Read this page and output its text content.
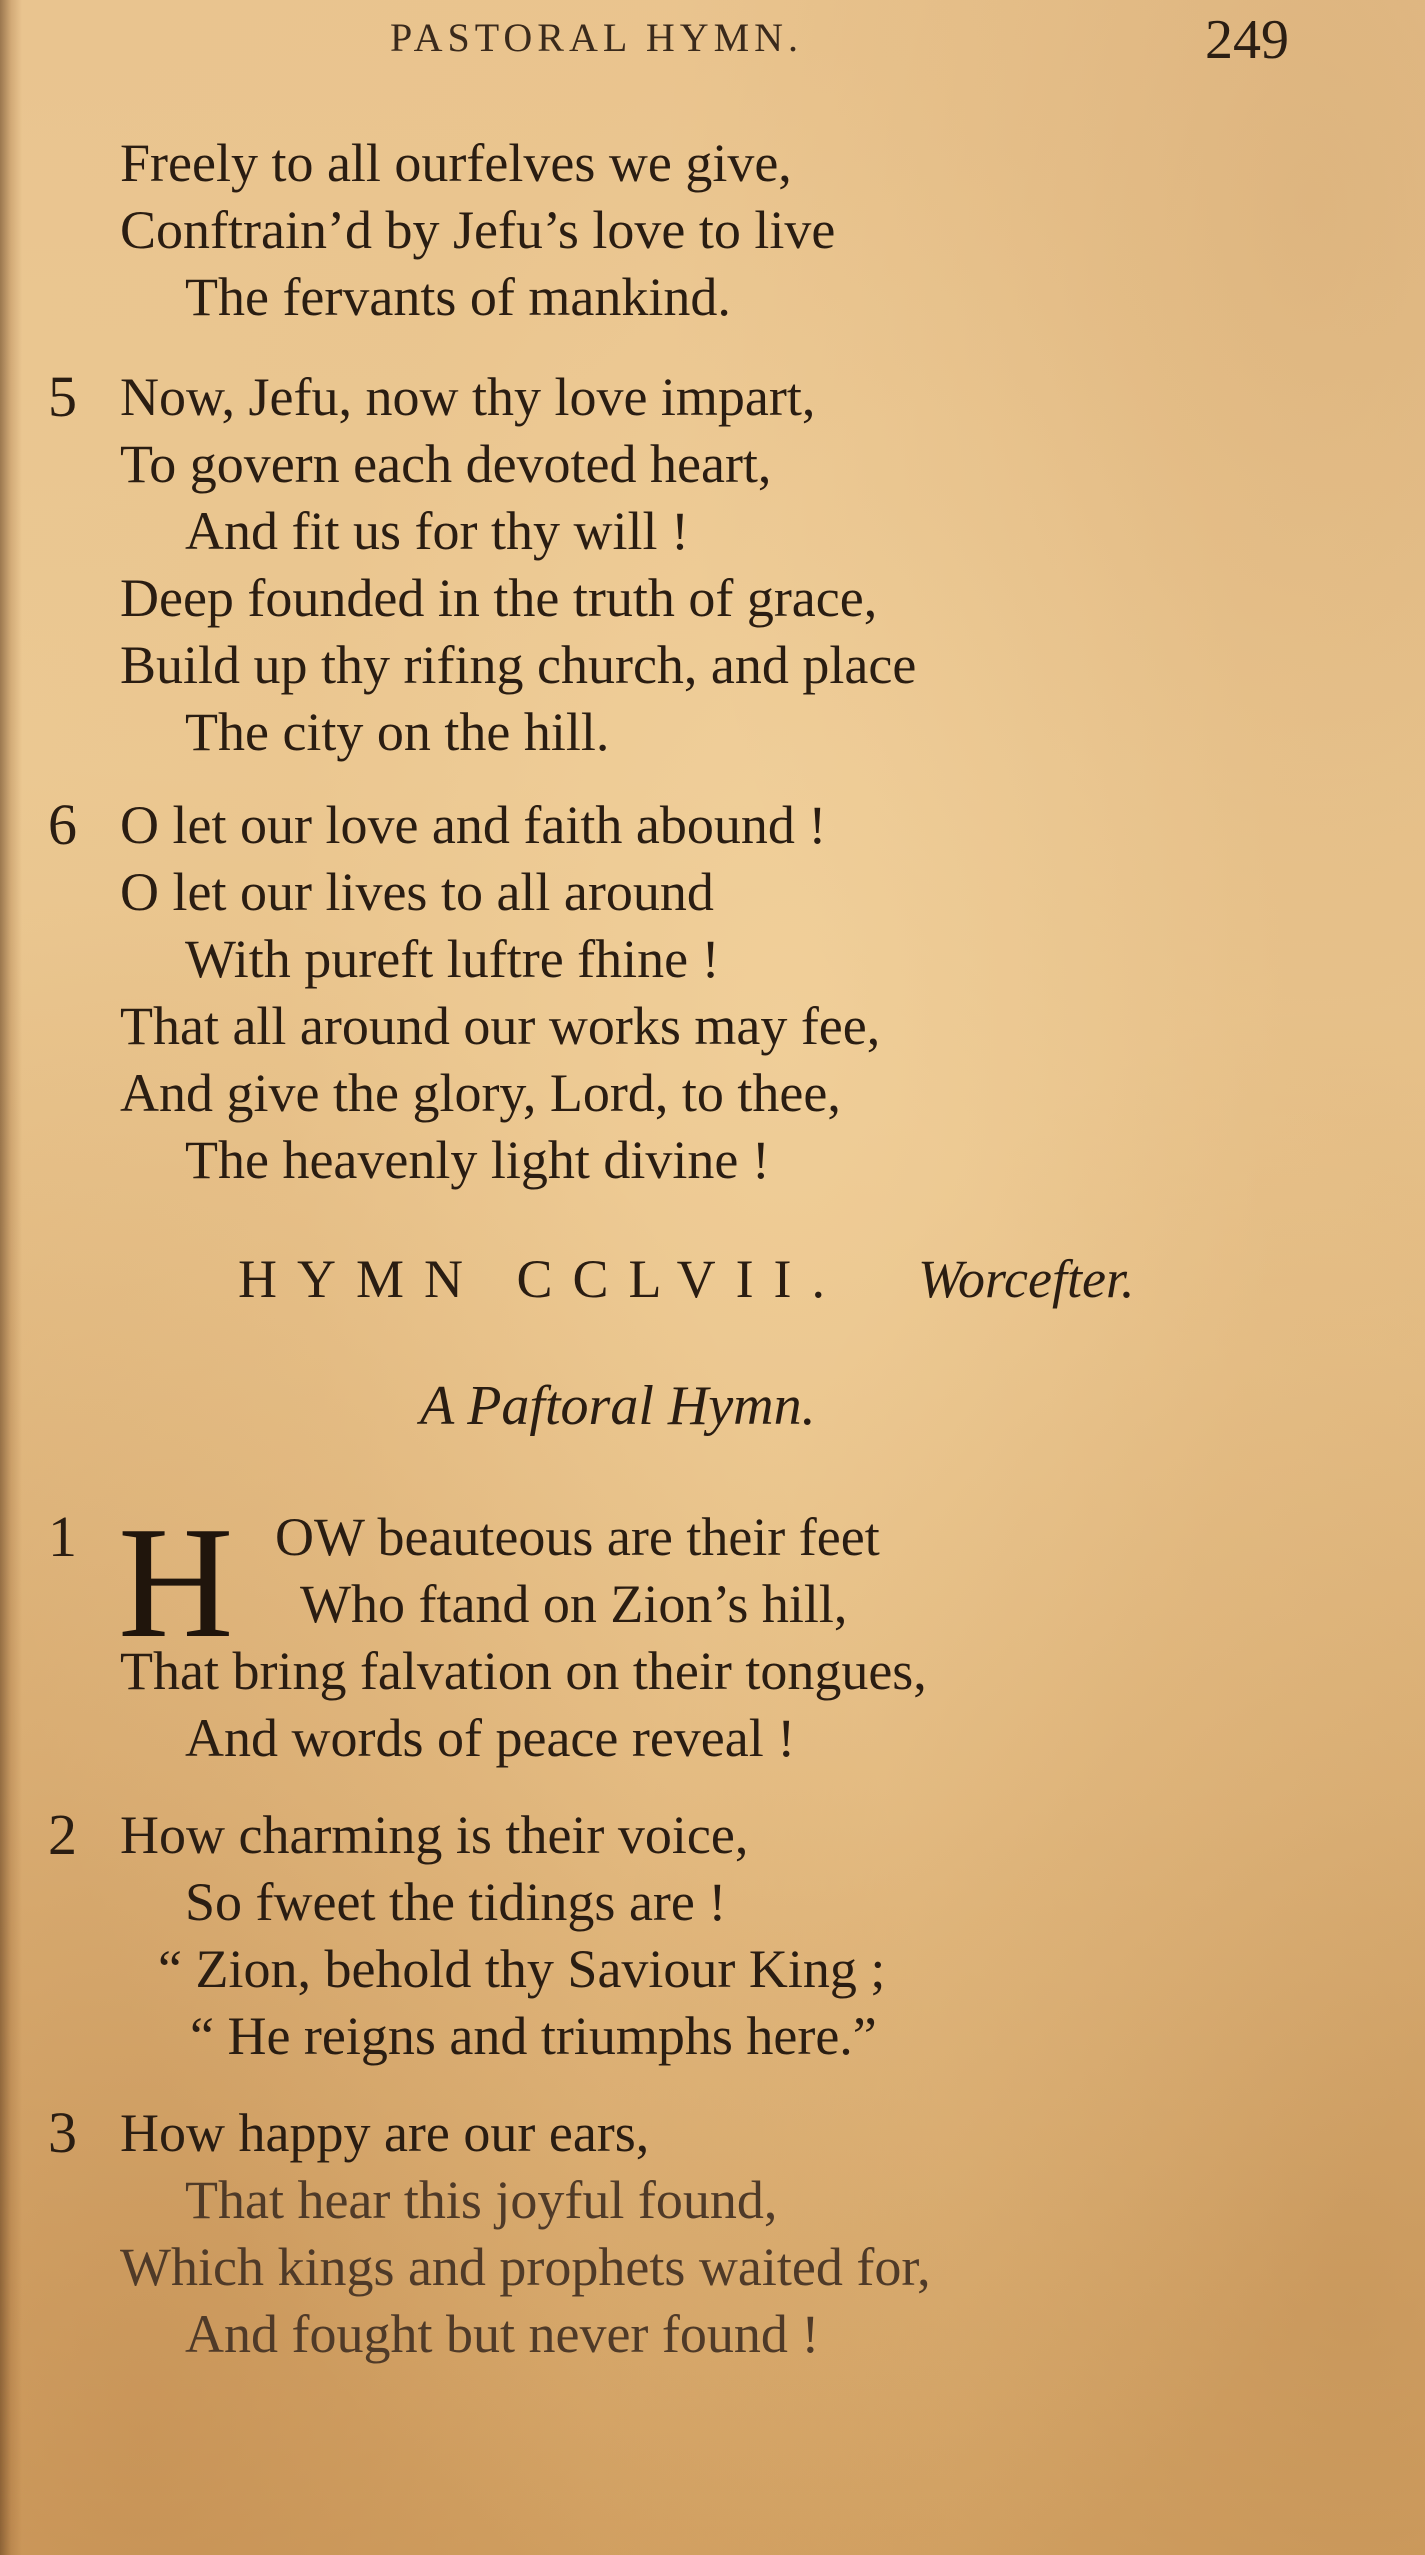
PASTORAL HYMN.	249
Freely to all ourfelves we give,
Conftrain’d by Jefu’s love to live
The fervants of mankind.
5 Now, Jefu, now thy love impart,
To govern each devoted heart,
And fit us for thy will !
Deep founded in the truth of grace,
Build up thy rifing church, and place
The city on the hill.
6 O let our love and faith abound !
O let our lives to all around
With pureft luftre fhine !
That all around our works may fee,
And give the glory, Lord, to thee,
The heavenly light divine !
HYMN CCLVII. Worcefter.
A Paftoral Hymn.
1 H OW beauteous are their feet
Who ftand on Zion’s hill,
That bring falvation on their tongues,
And words of peace reveal !
2 How charming is their voice,
So fweet the tidings are !
“ Zion, behold thy Saviour King ;
“ He reigns and triumphs here.”
3 How happy are our ears,
That hear this joyful found,
Which kings and prophets waited for,
And fought but never found !
